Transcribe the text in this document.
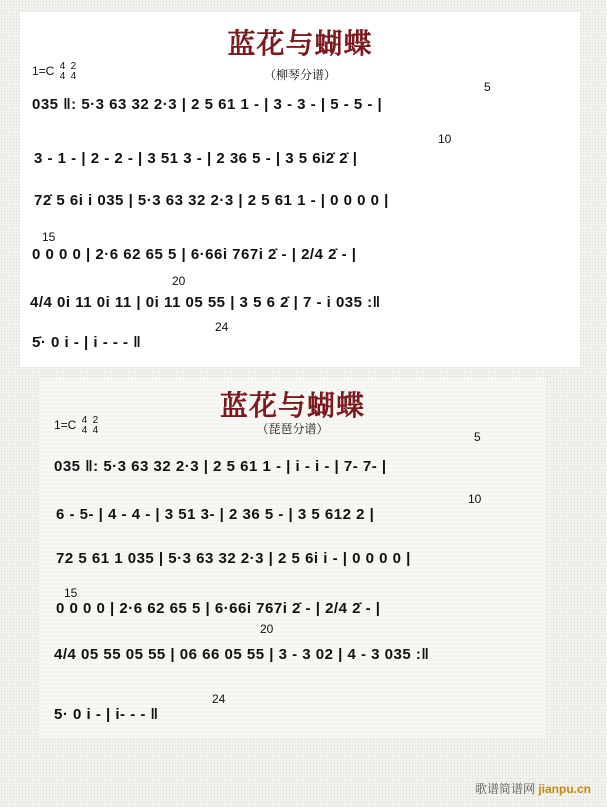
蓝花与蝴蝶
1=C 4
4

2
4	（柳琴分谱）
5
035 ‖: 5·3 63 32 2·3 | 2 5 61 1 - | 3 - 3 - | 5 - 5 - |
10
3 - 1 - | 2 - 2 - | 3 51 3 - | 2 36 5 - | 3 5 6i2̇ 2̇ |
72̇ 5 6i i 035 | 5·3 63 32 2·3 | 2 5 61 1 - | 0 0 0 0 |
15
0 0 0 0 | 2·6 62 65 5 | 6·66i 767i 2̇ - | 2/4 2̇ - |
20
4/4 0i 11 0i 11 | 0i 11 05 55 | 3 5 6 2̇ | 7 - i 035 :‖
24
5̇· 0 i - | i - - - ‖
蓝花与蝴蝶
1=C 4
4

2
4	（琵琶分谱）
5
035 ‖: 5·3 63 32 2·3 | 2 5 61 1 - | i - i - | 7- 7- |
10
6 - 5- | 4 - 4 - | 3 51 3- | 2 36 5 - | 3 5 612 2 |
72 5 61 1 035 | 5·3 63 32 2·3 | 2 5 6i i - | 0 0 0 0 |
15
0 0 0 0 | 2·6 62 65 5 | 6·66i 767i 2̇ - | 2/4 2̇ - |
20
4/4 05 55 05 55 | 06 66 05 55 | 3 - 3 02 | 4 - 3 035 :‖
24
5· 0 i - | i- - - ‖
歌谱简谱网 jianpu.cn
